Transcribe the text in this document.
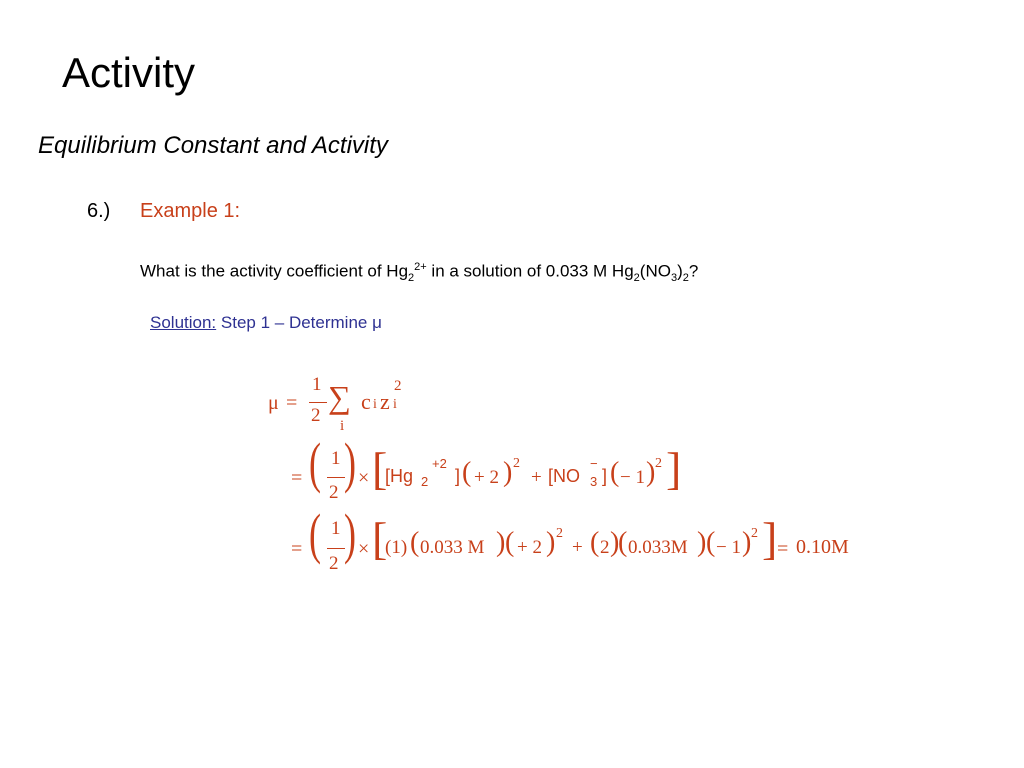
Activity
Equilibrium Constant and Activity
6.) Example 1:
What is the activity coefficient of $Hg_2^{2+}$ in a solution of 0.033 M $Hg_2(NO_3)_2$?
Solution: Step 1 – Determine μ
μ =
1
2
∑
i
c i z i
2
= ( 1
2 ) × [
[Hg 2
+2
] ( + 2 ) 2
+ [NO 3
−
] ( − 1 ) 2 ]
= ( 1
2 ) × [
(1) ( 0.033 M ) ( + 2 ) 2
+ ( 2 )
( 0.033M ) ( − 1 ) 2 ] = 0.10M
